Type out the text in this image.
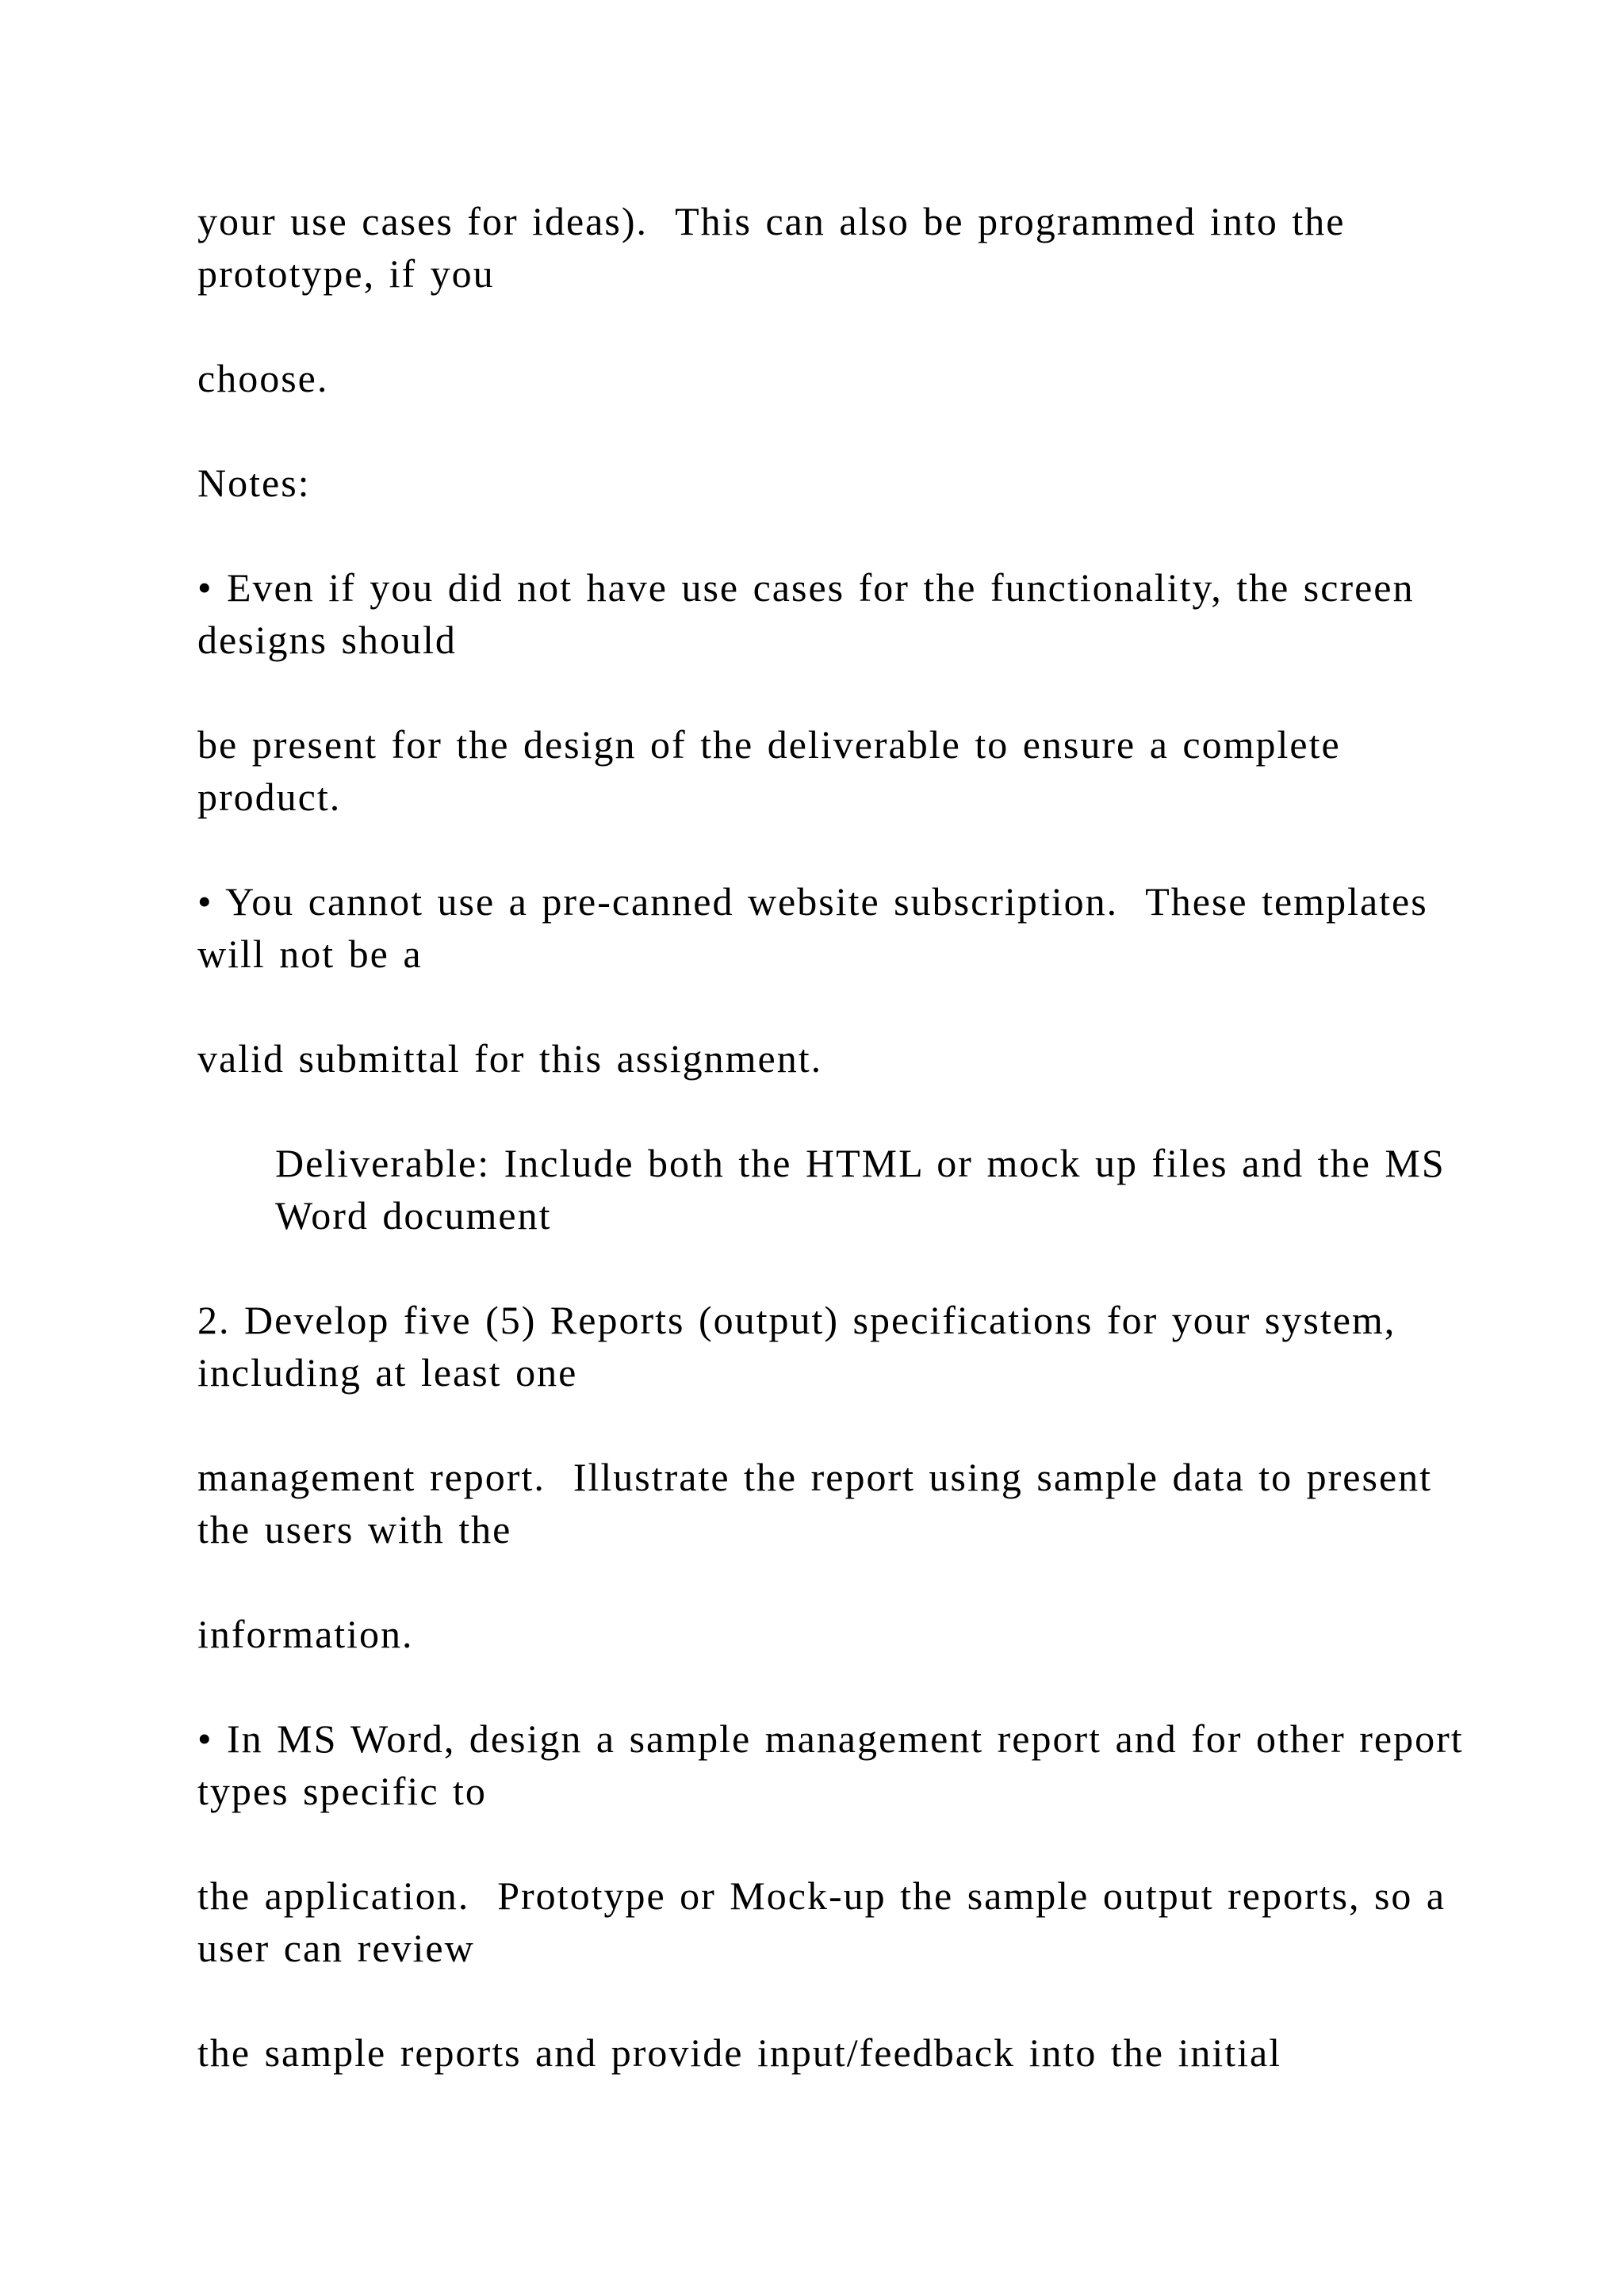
your use cases for ideas).  This can also be programmed into the prototype, if you

choose.

Notes:

• Even if you did not have use cases for the functionality, the screen designs should

be present for the design of the deliverable to ensure a complete product.

• You cannot use a pre-canned website subscription.  These templates will not be a

valid submittal for this assignment.

Deliverable: Include both the HTML or mock up files and the MS Word document

2. Develop five (5) Reports (output) specifications for your system, including at least one

management report.  Illustrate the report using sample data to present the users with the

information.

• In MS Word, design a sample management report and for other report types specific to

the application.  Prototype or Mock-up the sample output reports, so a user can review

the sample reports and provide input/feedback into the initial
